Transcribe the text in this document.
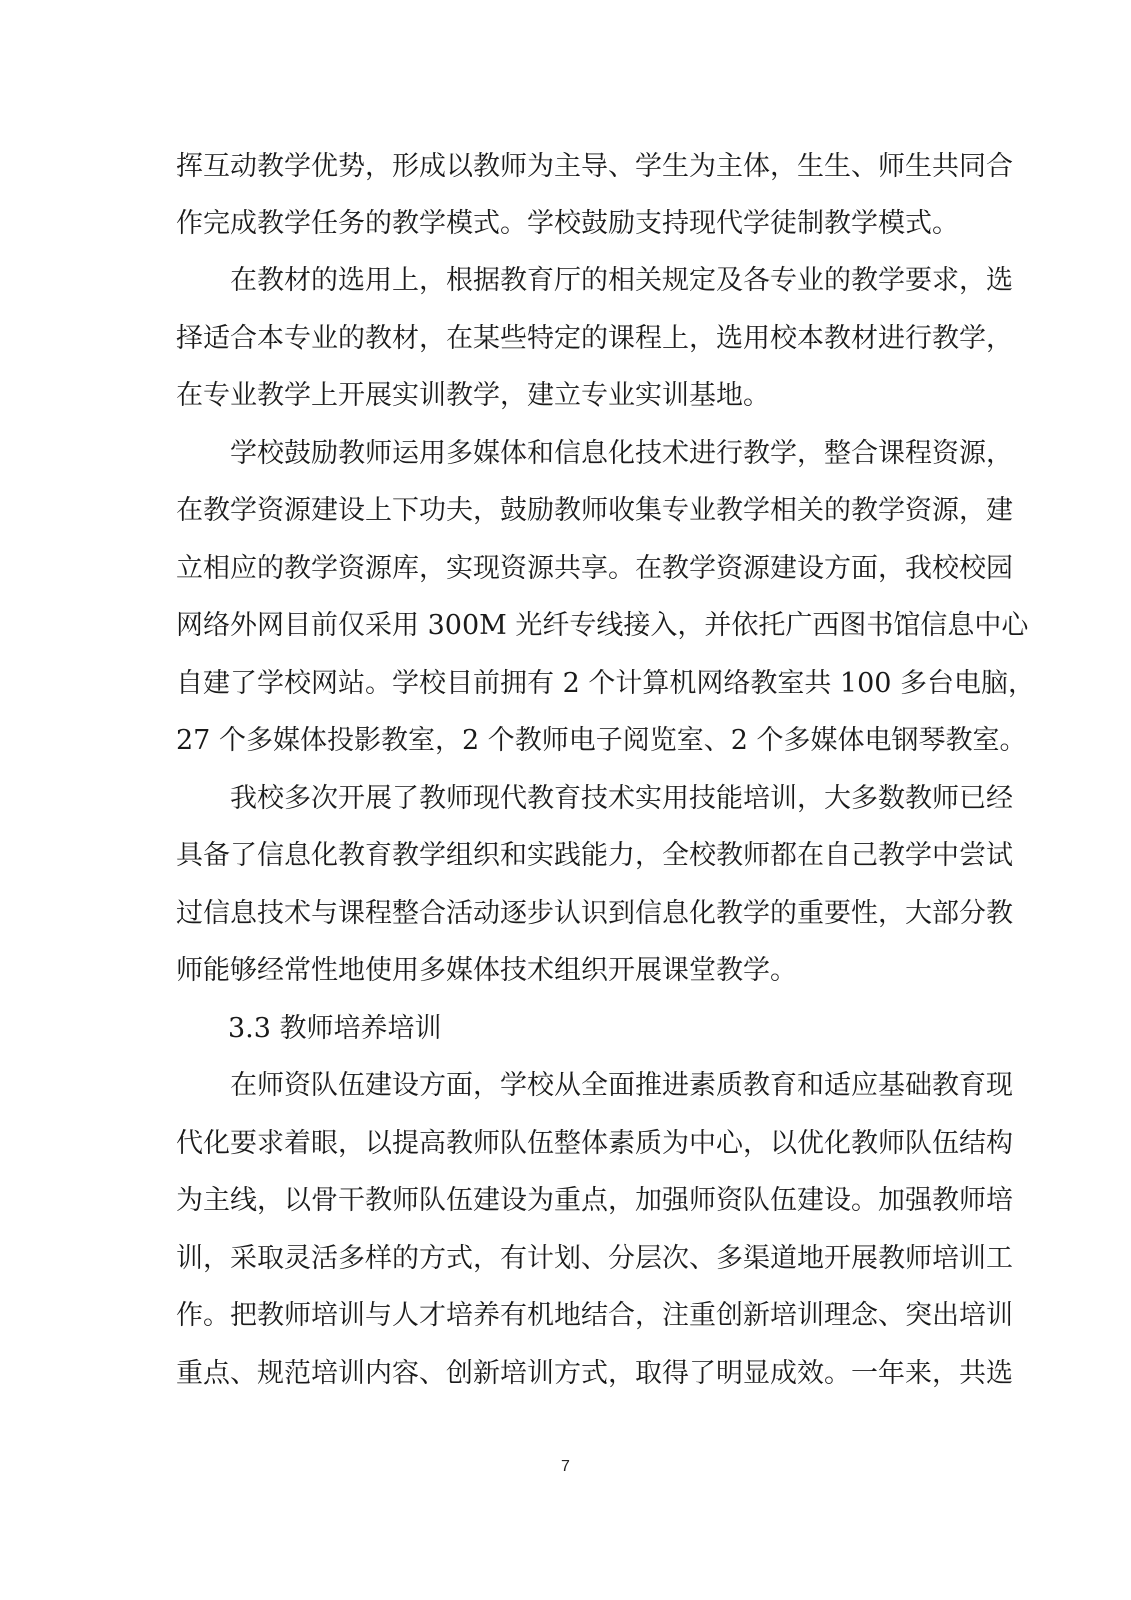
挥互动教学优势，形成以教师为主导、学生为主体，生生、师生共同合
作完成教学任务的教学模式。学校鼓励支持现代学徒制教学模式。
在教材的选用上，根据教育厅的相关规定及各专业的教学要求，选
择适合本专业的教材，在某些特定的课程上，选用校本教材进行教学，
在专业教学上开展实训教学，建立专业实训基地。
学校鼓励教师运用多媒体和信息化技术进行教学，整合课程资源，
在教学资源建设上下功夫，鼓励教师收集专业教学相关的教学资源，建
立相应的教学资源库，实现资源共享。在教学资源建设方面，我校校园
网络外网目前仅采用 300M 光纤专线接入，并依托广西图书馆信息中心
自建了学校网站。学校目前拥有 2 个计算机网络教室共 100 多台电脑，
27 个多媒体投影教室，2 个教师电子阅览室、2 个多媒体电钢琴教室。
我校多次开展了教师现代教育技术实用技能培训，大多数教师已经
具备了信息化教育教学组织和实践能力，全校教师都在自己教学中尝试
过信息技术与课程整合活动逐步认识到信息化教学的重要性，大部分教
师能够经常性地使用多媒体技术组织开展课堂教学。
3.3 教师培养培训
在师资队伍建设方面，学校从全面推进素质教育和适应基础教育现
代化要求着眼，以提高教师队伍整体素质为中心，以优化教师队伍结构
为主线，以骨干教师队伍建设为重点，加强师资队伍建设。加强教师培
训，采取灵活多样的方式，有计划、分层次、多渠道地开展教师培训工
作。把教师培训与人才培养有机地结合，注重创新培训理念、突出培训
重点、规范培训内容、创新培训方式，取得了明显成效。一年来，共选
7
